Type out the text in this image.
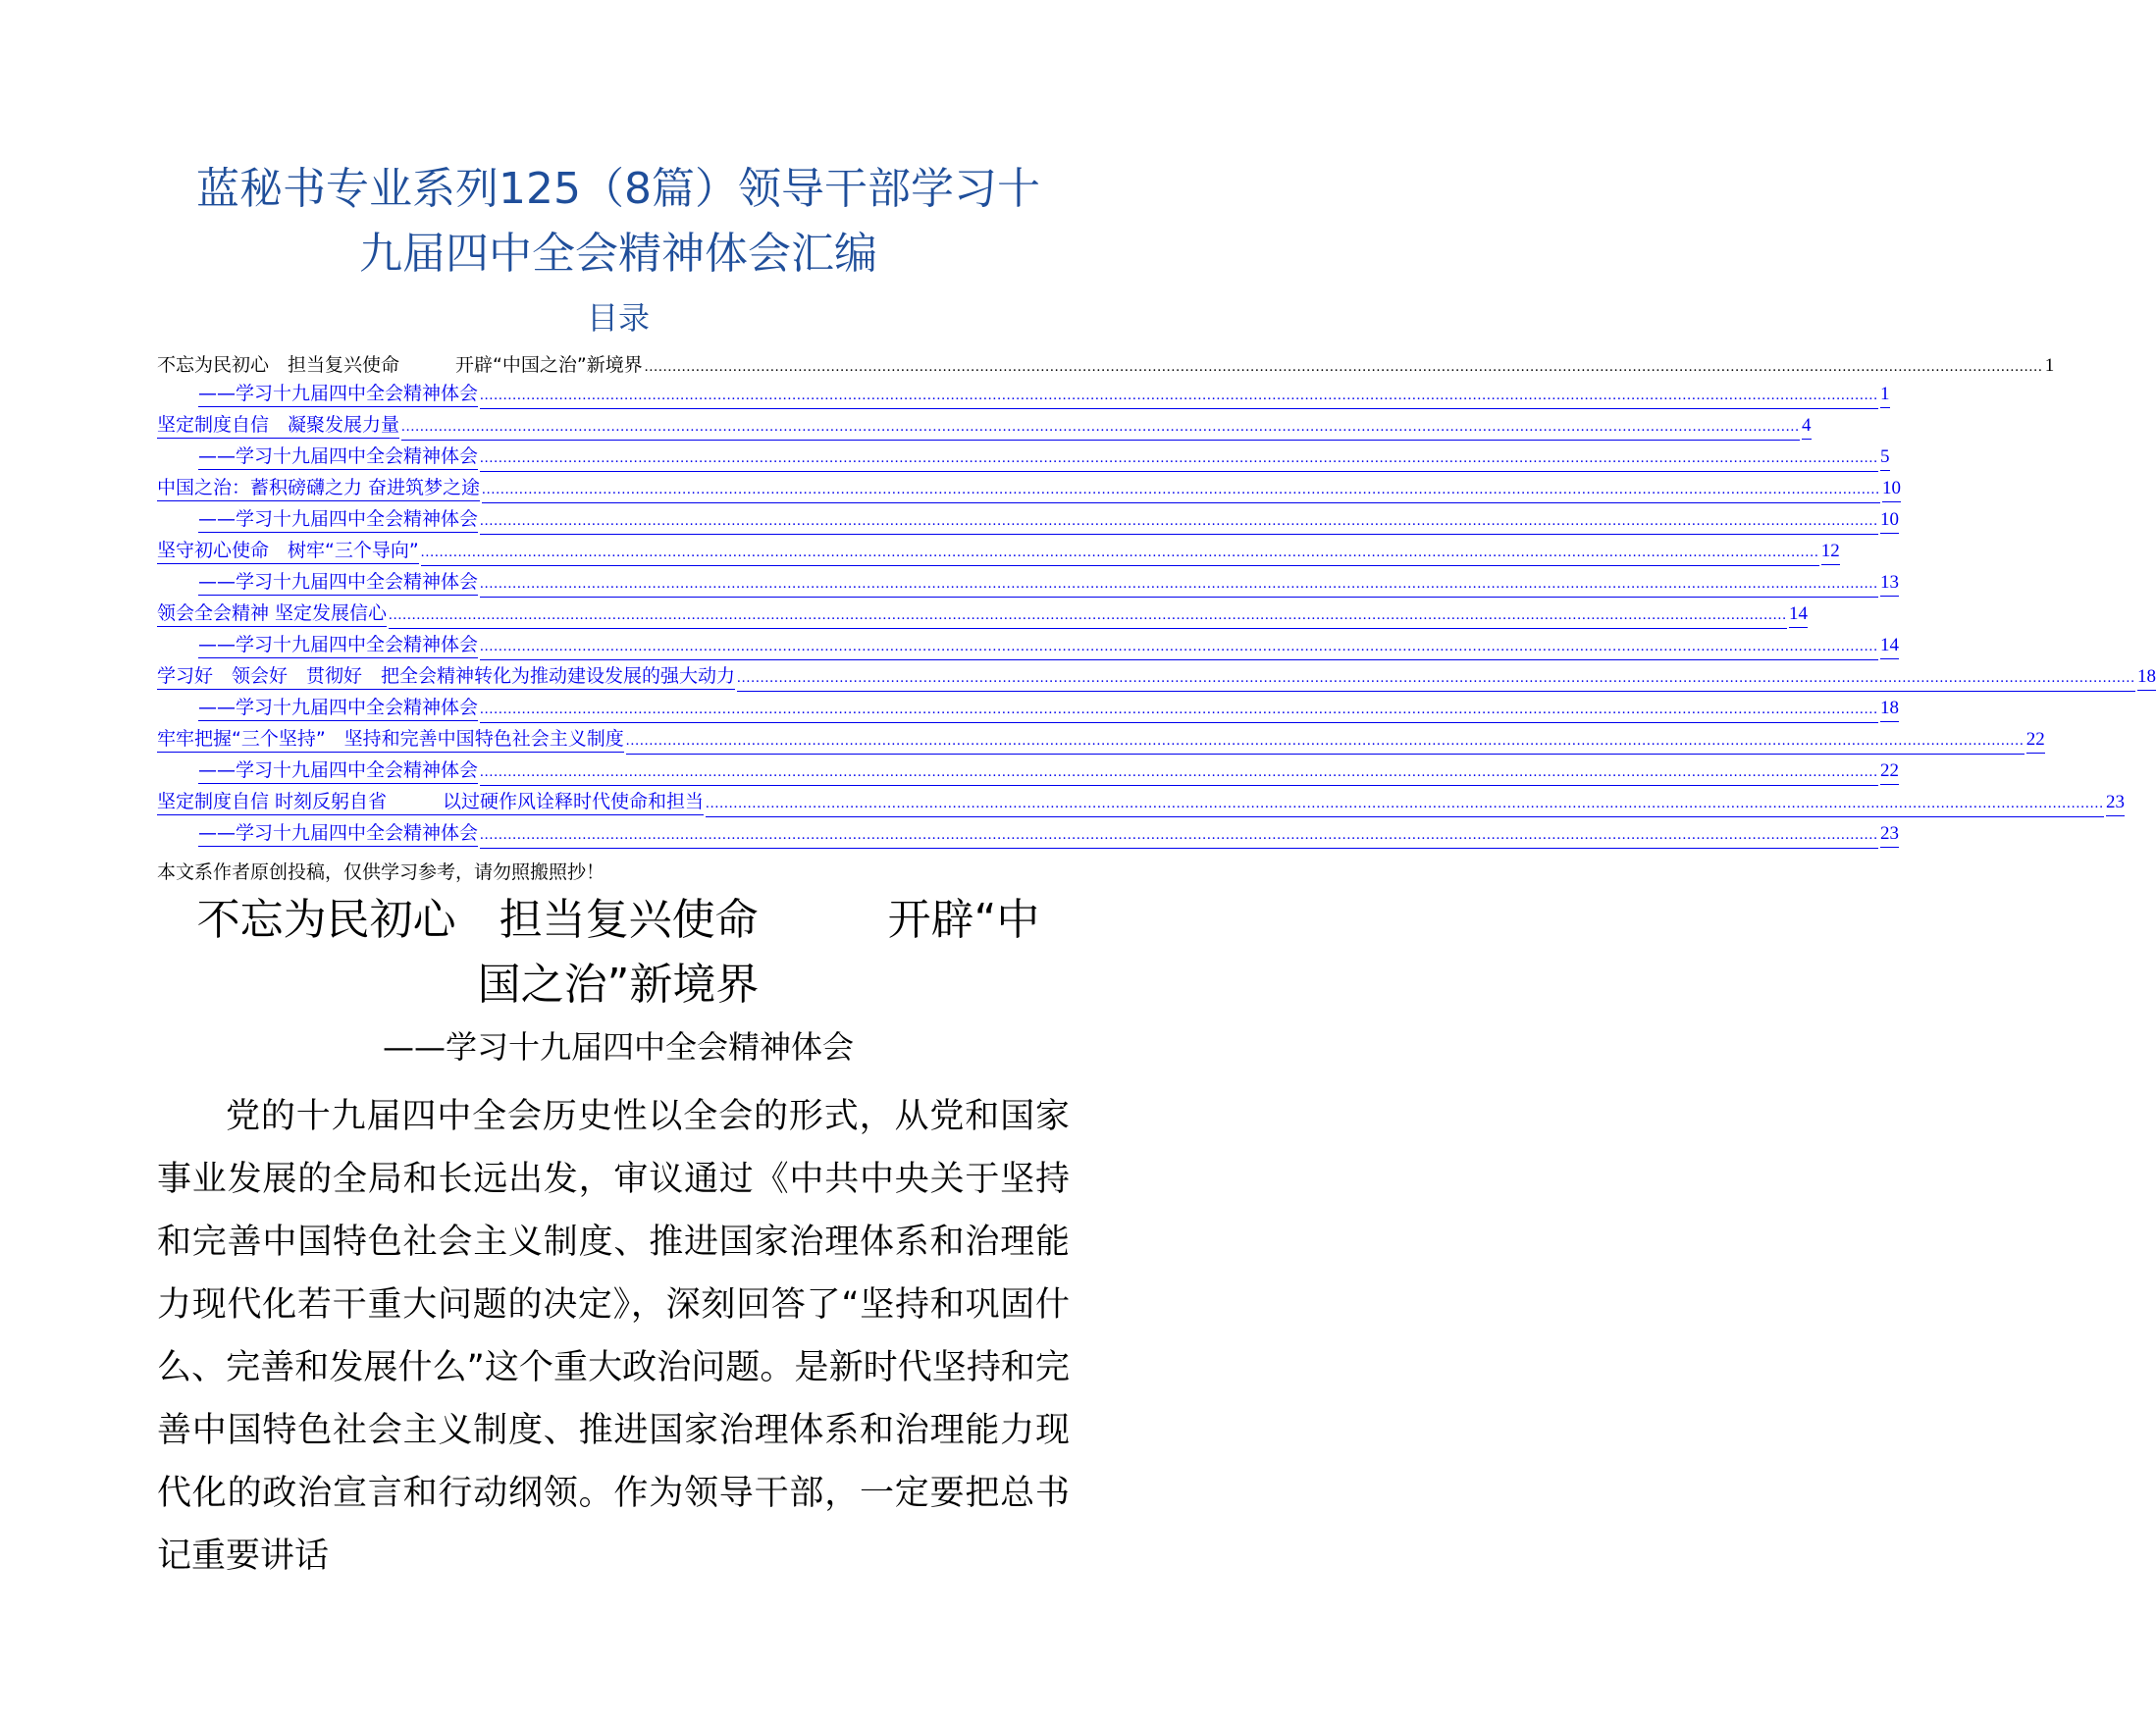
蓝秘书专业系列125（8篇）领导干部学习十
九届四中全会精神体会汇编
目录
不忘为民初心　担当复兴使命　　　开辟“中国之治”新境界 ............................................................................................................................................................................................................................................................................................................ 1
——学习十九届四中全会精神体会 ............................................................................................................................................................................................................................................................................................................ 1
坚定制度自信　凝聚发展力量 ............................................................................................................................................................................................................................................................................................................ 4
——学习十九届四中全会精神体会 ............................................................................................................................................................................................................................................................................................................ 5
中国之治：蓄积磅礴之力 奋进筑梦之途 ............................................................................................................................................................................................................................................................................................................ 10
——学习十九届四中全会精神体会 ............................................................................................................................................................................................................................................................................................................ 10
坚守初心使命　树牢“三个导向” ............................................................................................................................................................................................................................................................................................................ 12
——学习十九届四中全会精神体会 ............................................................................................................................................................................................................................................................................................................ 13
领会全会精神 坚定发展信心 ............................................................................................................................................................................................................................................................................................................ 14
——学习十九届四中全会精神体会 ............................................................................................................................................................................................................................................................................................................ 14
学习好　领会好　贯彻好　把全会精神转化为推动建设发展的强大动力 ............................................................................................................................................................................................................................................................................................................ 18
——学习十九届四中全会精神体会 ............................................................................................................................................................................................................................................................................................................ 18
牢牢把握“三个坚持”　坚持和完善中国特色社会主义制度 ............................................................................................................................................................................................................................................................................................................ 22
——学习十九届四中全会精神体会 ............................................................................................................................................................................................................................................................................................................ 22
坚定制度自信 时刻反躬自省　　　以过硬作风诠释时代使命和担当 ............................................................................................................................................................................................................................................................................................................ 23
——学习十九届四中全会精神体会 ............................................................................................................................................................................................................................................................................................................ 23
本文系作者原创投稿，仅供学习参考，请勿照搬照抄！
不忘为民初心　担当复兴使命　　　开辟“中
国之治”新境界
——学习十九届四中全会精神体会

党的十九届四中全会历史性以全会的形式，从党和国家事业发展的全局和长远出发，审议通过《中共中央关于坚持和完善中国特色社会主义制度、推进国家治理体系和治理能力现代化若干重大问题的决定》，深刻回答了“坚持和巩固什么、完善和发展什么”这个重大政治问题。是新时代坚持和完善中国特色社会主义制度、推进国家治理体系和治理能力现代化的政治宣言和行动纲领。作为领导干部，一定要把总书记重要讲话
